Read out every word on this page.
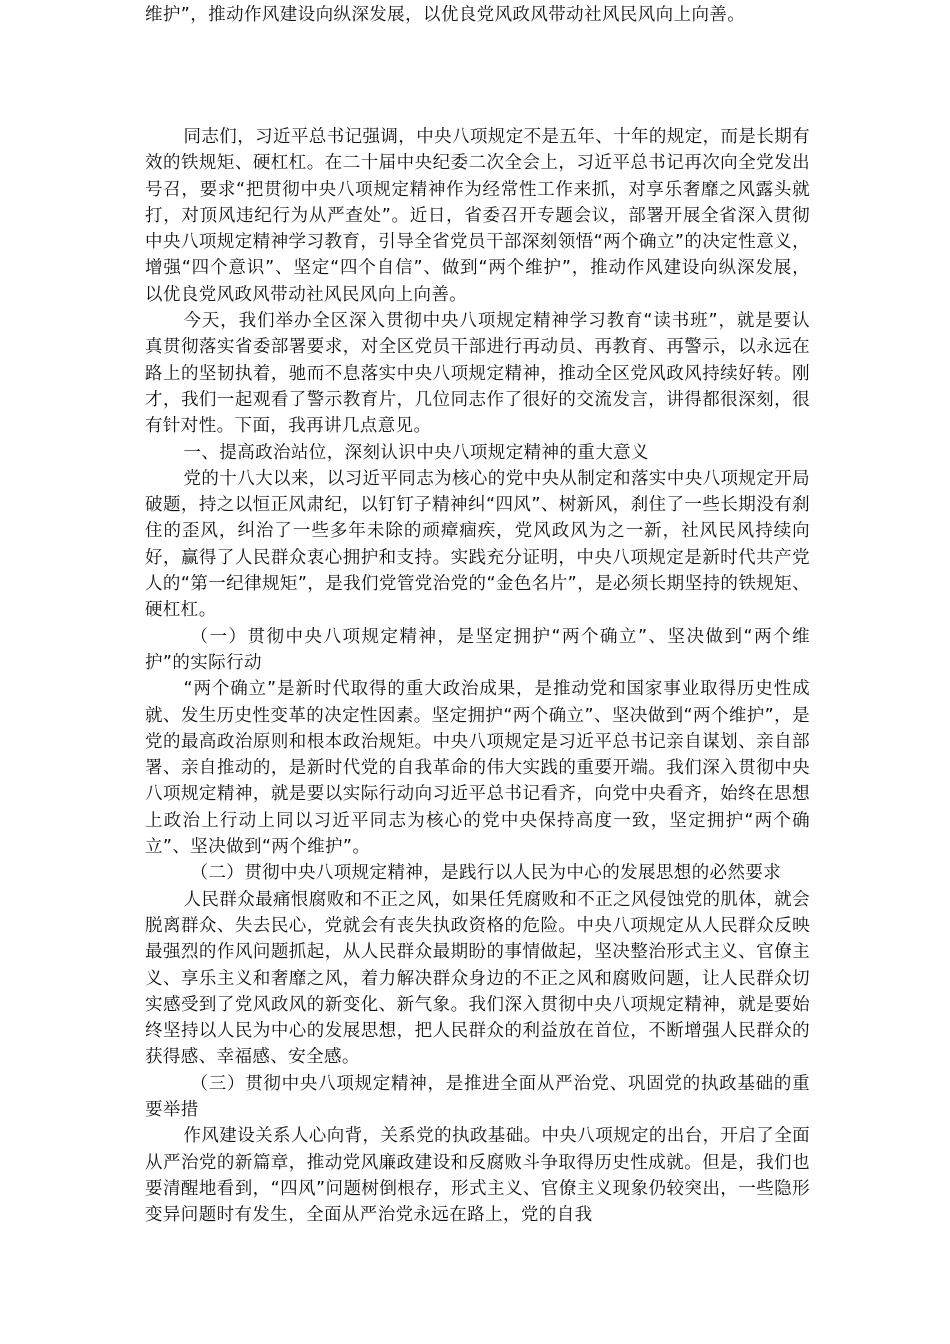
维护”，推动作风建设向纵深发展，以优良党风政风带动社风民风向上向善。

同志们，习近平总书记强调，中央八项规定不是五年、十年的规定，而是长期有效的铁规矩、硬杠杠。在二十届中央纪委二次全会上，习近平总书记再次向全党发出号召，要求“把贯彻中央八项规定精神作为经常性工作来抓，对享乐奢靡之风露头就打，对顶风违纪行为从严查处”。近日，省委召开专题会议，部署开展全省深入贯彻中央八项规定精神学习教育，引导全省党员干部深刻领悟“两个确立”的决定性意义，增强“四个意识”、坚定“四个自信”、做到“两个维护”，推动作风建设向纵深发展，以优良党风政风带动社风民风向上向善。

今天，我们举办全区深入贯彻中央八项规定精神学习教育“读书班”，就是要认真贯彻落实省委部署要求，对全区党员干部进行再动员、再教育、再警示，以永远在路上的坚韧执着，驰而不息落实中央八项规定精神，推动全区党风政风持续好转。刚才，我们一起观看了警示教育片，几位同志作了很好的交流发言，讲得都很深刻，很有针对性。下面，我再讲几点意见。

一、提高政治站位，深刻认识中央八项规定精神的重大意义

党的十八大以来，以习近平同志为核心的党中央从制定和落实中央八项规定开局破题，持之以恒正风肃纪，以钉钉子精神纠“四风”、树新风，刹住了一些长期没有刹住的歪风，纠治了一些多年未除的顽瘴痼疾，党风政风为之一新，社风民风持续向好，赢得了人民群众衷心拥护和支持。实践充分证明，中央八项规定是新时代共产党人的“第一纪律规矩”，是我们党管党治党的“金色名片”，是必须长期坚持的铁规矩、硬杠杠。

（一）贯彻中央八项规定精神，是坚定拥护“两个确立”、坚决做到“两个维护”的实际行动

“两个确立”是新时代取得的重大政治成果，是推动党和国家事业取得历史性成就、发生历史性变革的决定性因素。坚定拥护“两个确立”、坚决做到“两个维护”，是党的最高政治原则和根本政治规矩。中央八项规定是习近平总书记亲自谋划、亲自部署、亲自推动的，是新时代党的自我革命的伟大实践的重要开端。我们深入贯彻中央八项规定精神，就是要以实际行动向习近平总书记看齐，向党中央看齐，始终在思想上政治上行动上同以习近平同志为核心的党中央保持高度一致，坚定拥护“两个确立”、坚决做到“两个维护”。

（二）贯彻中央八项规定精神，是践行以人民为中心的发展思想的必然要求

人民群众最痛恨腐败和不正之风，如果任凭腐败和不正之风侵蚀党的肌体，就会脱离群众、失去民心，党就会有丧失执政资格的危险。中央八项规定从人民群众反映最强烈的作风问题抓起，从人民群众最期盼的事情做起，坚决整治形式主义、官僚主义、享乐主义和奢靡之风，着力解决群众身边的不正之风和腐败问题，让人民群众切实感受到了党风政风的新变化、新气象。我们深入贯彻中央八项规定精神，就是要始终坚持以人民为中心的发展思想，把人民群众的利益放在首位，不断增强人民群众的获得感、幸福感、安全感。

（三）贯彻中央八项规定精神，是推进全面从严治党、巩固党的执政基础的重要举措

作风建设关系人心向背，关系党的执政基础。中央八项规定的出台，开启了全面从严治党的新篇章，推动党风廉政建设和反腐败斗争取得历史性成就。但是，我们也要清醒地看到，“四风”问题树倒根存，形式主义、官僚主义现象仍较突出，一些隐形变异问题时有发生，全面从严治党永远在路上，党的自我
